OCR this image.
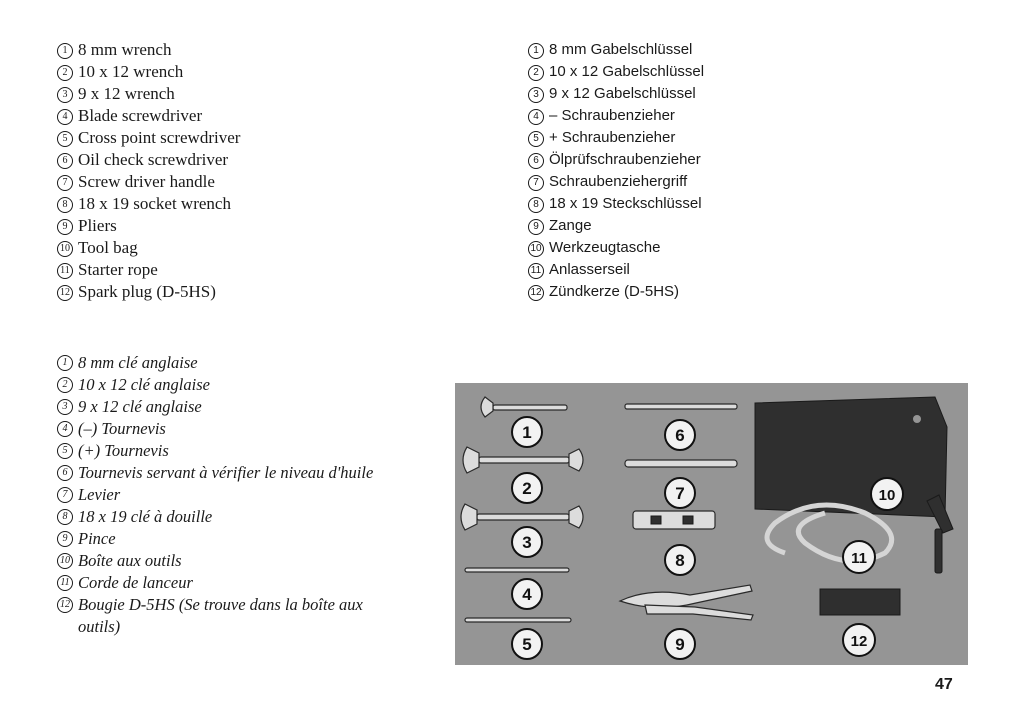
1 8 mm wrench
2 10 x 12 wrench
3 9 x 12 wrench
4 Blade screwdriver
5 Cross point screwdriver
6 Oil check screwdriver
7 Screw driver handle
8 18 x 19 socket wrench
9 Pliers
10 Tool bag
11 Starter rope
12 Spark plug (D-5HS)
1 8 mm Gabelschlüssel
2 10 x 12 Gabelschlüssel
3 9 x 12 Gabelschlüssel
4 – Schraubenzieher
5 + Schraubenzieher
6 Ölprüfschraubenzieher
7 Schraubenziehergriff
8 18 x 19 Steckschlüssel
9 Zange
10 Werkzeugtasche
11 Anlasserseil
12 Zündkerze (D-5HS)
1 8 mm clé anglaise
2 10 x 12 clé anglaise
3 9 x 12 clé anglaise
4 (–) Tournevis
5 (+) Tournevis
6 Tournevis servant à vérifier le niveau d'huile
7 Levier
8 18 x 19 clé à douille
9 Pince
10 Boîte aux outils
11 Corde de lanceur
12 Bougie D-5HS (Se trouve dans la boîte aux outils)
1
2
3
4
5
6
7
8
9
10
11
12
47
